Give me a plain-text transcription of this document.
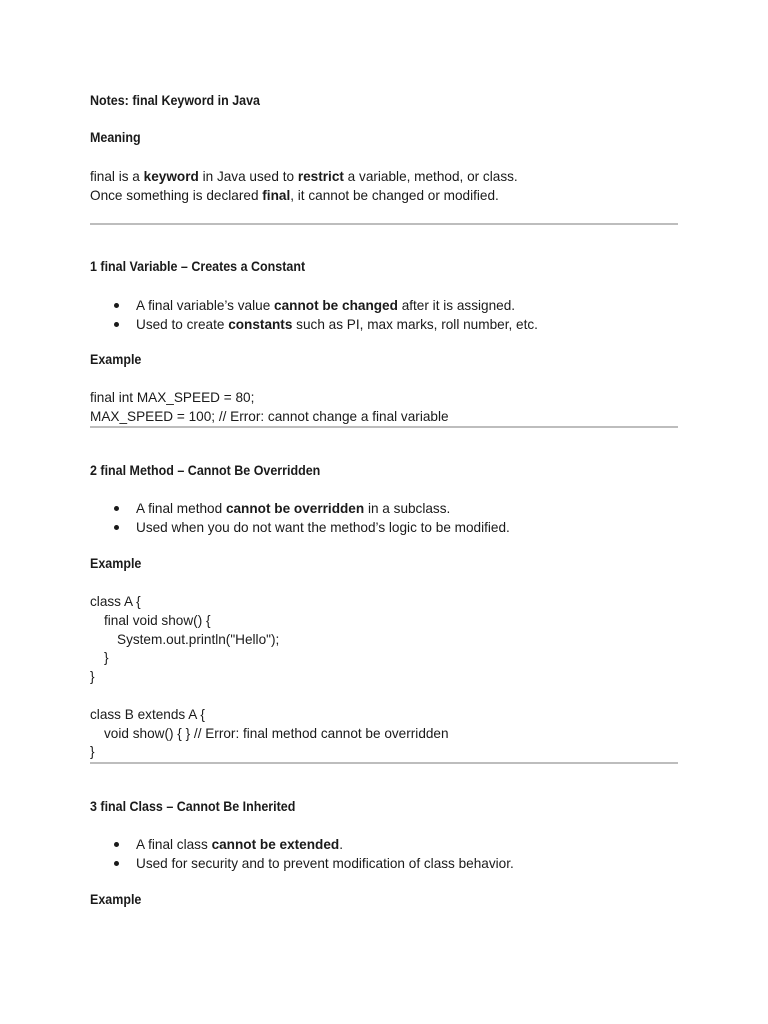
Notes: final Keyword in Java
Meaning
final is a keyword in Java used to restrict a variable, method, or class.
Once something is declared final, it cannot be changed or modified.
1 final Variable – Creates a Constant
A final variable’s value cannot be changed after it is assigned.
Used to create constants such as PI, max marks, roll number, etc.
Example
final int MAX_SPEED = 80;
MAX_SPEED = 100; // Error: cannot change a final variable
2 final Method – Cannot Be Overridden
A final method cannot be overridden in a subclass.
Used when you do not want the method’s logic to be modified.
Example
class A {
final void show() {
System.out.println("Hello");
}
}
class B extends A {
void show() { } // Error: final method cannot be overridden
}
3 final Class – Cannot Be Inherited
A final class cannot be extended.
Used for security and to prevent modification of class behavior.
Example
